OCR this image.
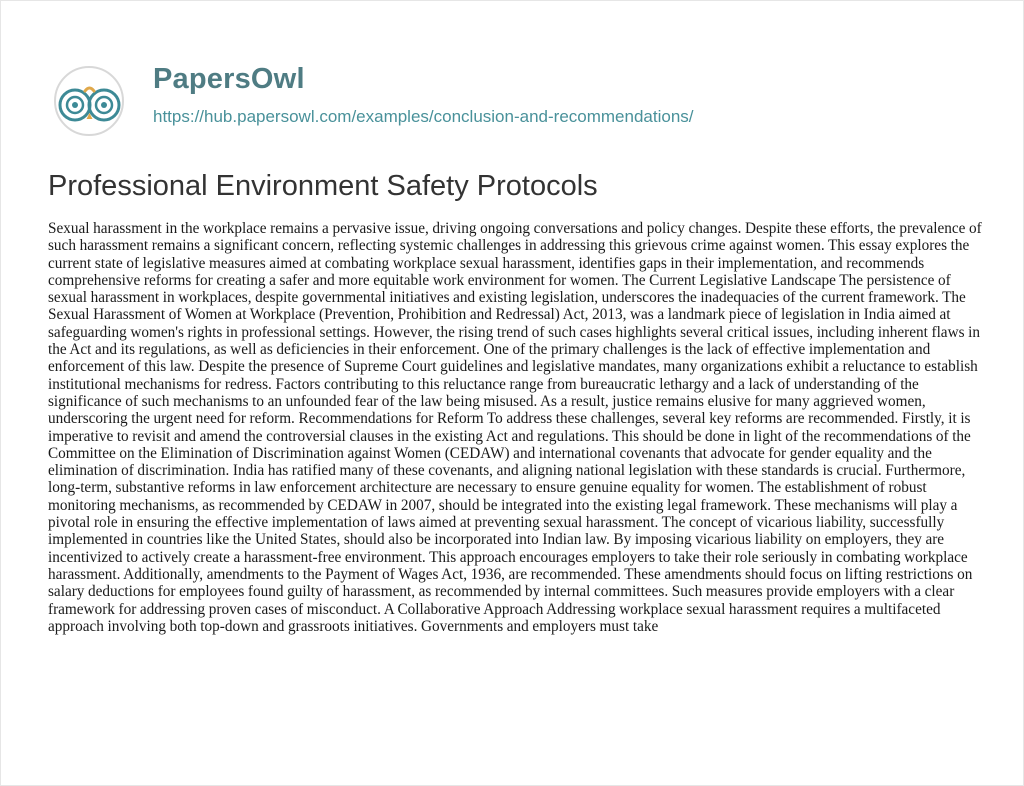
PapersOwl
https://hub.papersowl.com/examples/conclusion-and-recommendations/
Professional Environment Safety Protocols

Sexual harassment in the workplace remains a pervasive issue, driving ongoing conversations and policy changes. Despite these efforts, the prevalence of such harassment remains a significant concern, reflecting systemic challenges in addressing this grievous crime against women. This essay explores the current state of legislative measures aimed at combating workplace sexual harassment, identifies gaps in their implementation, and recommends comprehensive reforms for creating a safer and more equitable work environment for women. The Current Legislative Landscape The persistence of sexual harassment in workplaces, despite governmental initiatives and existing legislation, underscores the inadequacies of the current framework. The Sexual Harassment of Women at Workplace (Prevention, Prohibition and Redressal) Act, 2013, was a landmark piece of legislation in India aimed at safeguarding women's rights in professional settings. However, the rising trend of such cases highlights several critical issues, including inherent flaws in the Act and its regulations, as well as deficiencies in their enforcement. One of the primary challenges is the lack of effective implementation and enforcement of this law. Despite the presence of Supreme Court guidelines and legislative mandates, many organizations exhibit a reluctance to establish institutional mechanisms for redress. Factors contributing to this reluctance range from bureaucratic lethargy and a lack of understanding of the significance of such mechanisms to an unfounded fear of the law being misused. As a result, justice remains elusive for many aggrieved women, underscoring the urgent need for reform. Recommendations for Reform To address these challenges, several key reforms are recommended. Firstly, it is imperative to revisit and amend the controversial clauses in the existing Act and regulations. This should be done in light of the recommendations of the Committee on the Elimination of Discrimination against Women (CEDAW) and international covenants that advocate for gender equality and the elimination of discrimination. India has ratified many of these covenants, and aligning national legislation with these standards is crucial. Furthermore, long-term, substantive reforms in law enforcement architecture are necessary to ensure genuine equality for women. The establishment of robust monitoring mechanisms, as recommended by CEDAW in 2007, should be integrated into the existing legal framework. These mechanisms will play a pivotal role in ensuring the effective implementation of laws aimed at preventing sexual harassment. The concept of vicarious liability, successfully implemented in countries like the United States, should also be incorporated into Indian law. By imposing vicarious liability on employers, they are incentivized to actively create a harassment-free environment. This approach encourages employers to take their role seriously in combating workplace harassment. Additionally, amendments to the Payment of Wages Act, 1936, are recommended. These amendments should focus on lifting restrictions on salary deductions for employees found guilty of harassment, as recommended by internal committees. Such measures provide employers with a clear framework for addressing proven cases of misconduct. A Collaborative Approach Addressing workplace sexual harassment requires a multifaceted approach involving both top-down and grassroots initiatives. Governments and employers must take
